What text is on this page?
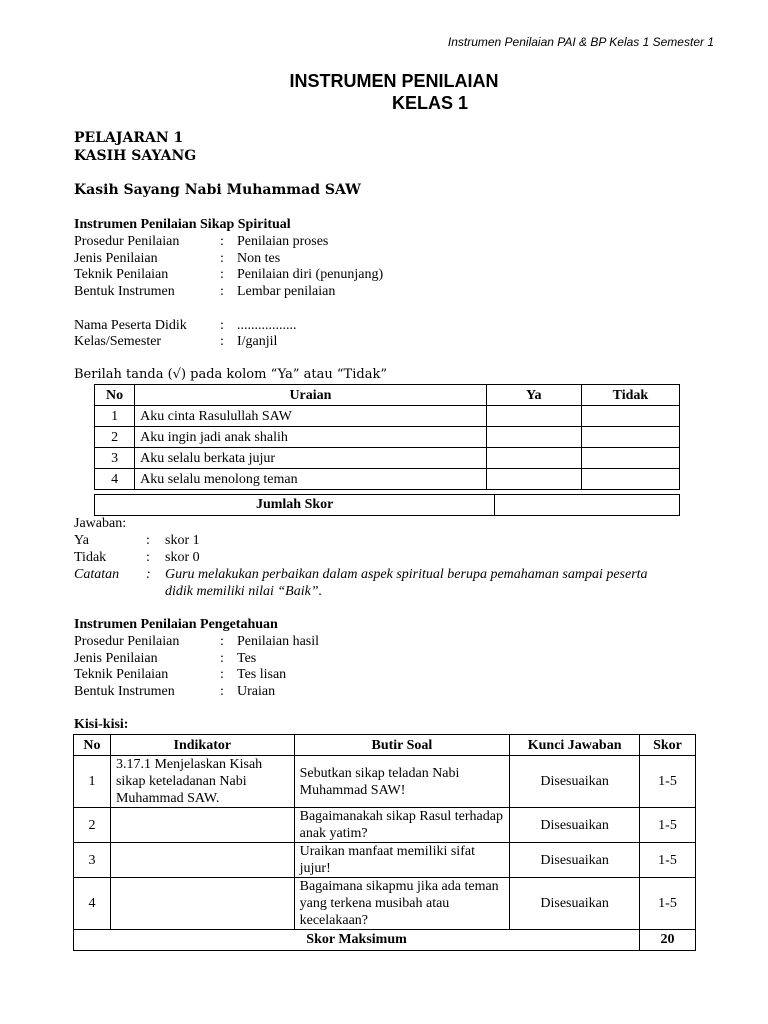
Instrumen Penilaian PAI & BP Kelas 1 Semester 1
INSTRUMEN PENILAIAN
KELAS 1
PELAJARAN 1
KASIH SAYANG
Kasih Sayang Nabi Muhammad SAW
Instrumen Penilaian Sikap Spiritual
Prosedur Penilaian	: Penilaian proses
Jenis Penilaian	: Non tes
Teknik Penilaian	: Penilaian diri (penunjang)
Bentuk Instrumen	: Lembar penilaian
Nama Peserta Didik : .................
Kelas/Semester	: I/ganjil
Berilah tanda (√) pada kolom “Ya” atau “Tidak”
No	Uraian	Ya	Tidak
1	Aku cinta Rasulullah SAW		
2	Aku ingin jadi anak shalih		
3	Aku selalu berkata jujur		
4	Aku selalu menolong teman		
Jumlah Skor	
Jawaban:
Ya	: skor 1
Tidak	: skor 0
Catatan : Guru melakukan perbaikan dalam aspek spiritual berupa pemahaman sampai peserta
didik memiliki nilai “Baik”.
Instrumen Penilaian Pengetahuan
Prosedur Penilaian	: Penilaian hasil
Jenis Penilaian	: Tes
Teknik Penilaian	: Tes lisan
Bentuk Instrumen	: Uraian
Kisi-kisi:
No	Indikator	Butir Soal	Kunci Jawaban	Skor
1	3.17.1 Menjelaskan Kisah sikap keteladanan Nabi Muhammad SAW.	Sebutkan sikap teladan Nabi Muhammad SAW!	Disesuaikan	1-5
2		Bagaimanakah sikap Rasul terhadap anak yatim?	Disesuaikan	1-5
3		Uraikan manfaat memiliki sifat jujur!	Disesuaikan	1-5
4		Bagaimana sikapmu jika ada teman yang terkena musibah atau kecelakaan?	Disesuaikan	1-5
Skor Maksimum	20
